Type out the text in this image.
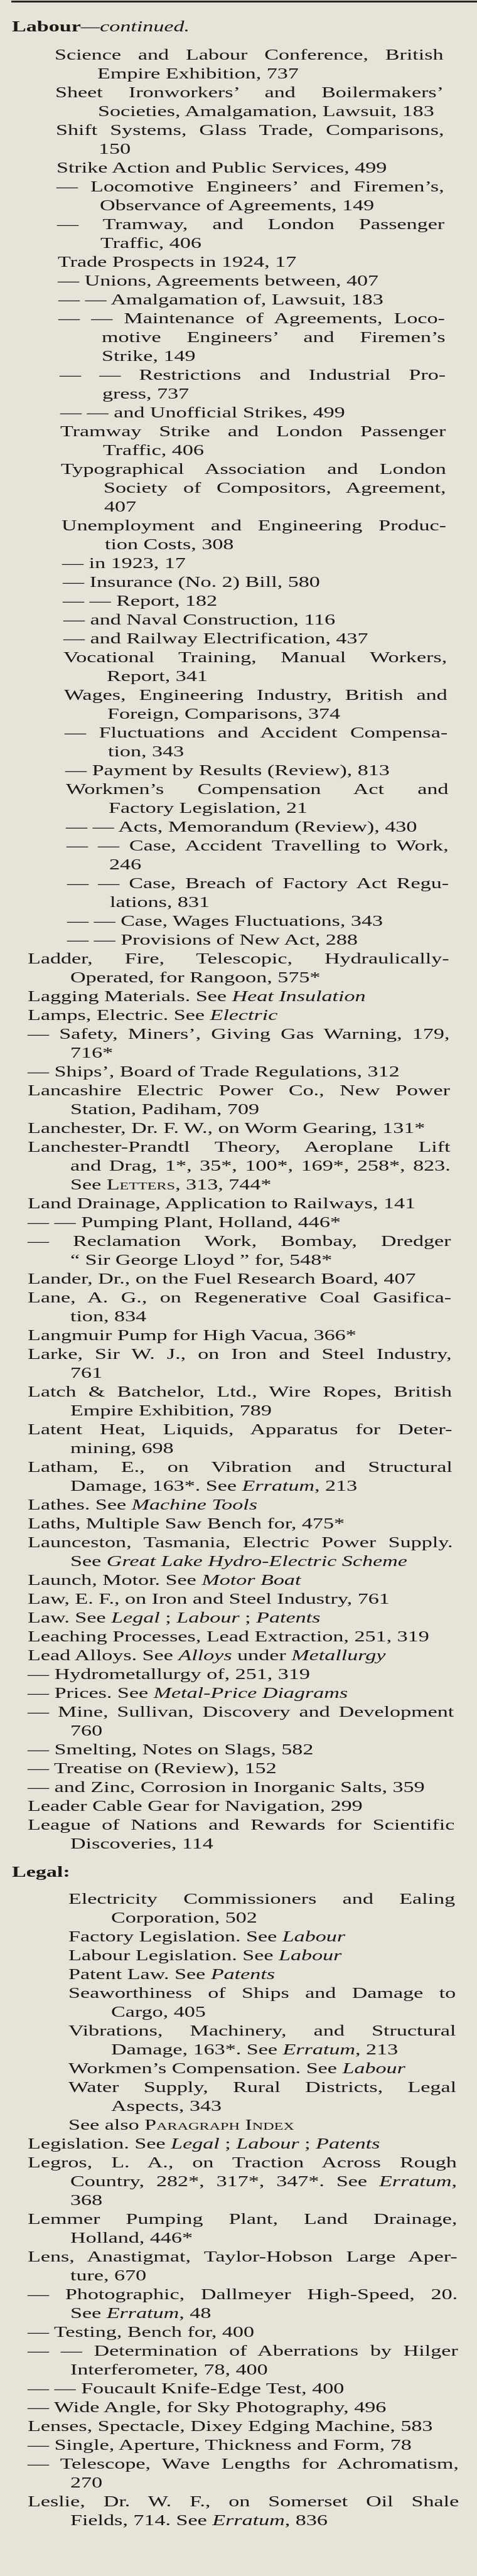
Labour—continued.
Science and Labour Conference, British
Empire Exhibition, 737
Sheet Ironworkers’ and Boilermakers’
Societies, Amalgamation, Lawsuit, 183
Shift Systems, Glass Trade, Comparisons,
150
Strike Action and Public Services, 499
— Locomotive Engineers’ and Firemen’s,
Observance of Agreements, 149
— Tramway, and London Passenger
Traffic, 406
Trade Prospects in 1924, 17
— Unions, Agreements between, 407
— — Amalgamation of, Lawsuit, 183
— — Maintenance of Agreements, Loco-
motive Engineers’ and Firemen’s
Strike, 149
— — Restrictions and Industrial Pro-
gress, 737
— — and Unofficial Strikes, 499
Tramway Strike and London Passenger
Traffic, 406
Typographical Association and London
Society of Compositors, Agreement,
407
Unemployment and Engineering Produc-
tion Costs, 308
— in 1923, 17
— Insurance (No. 2) Bill, 580
— — Report, 182
— and Naval Construction, 116
— and Railway Electrification, 437
Vocational Training, Manual Workers,
Report, 341
Wages, Engineering Industry, British and
Foreign, Comparisons, 374
— Fluctuations and Accident Compensa-
tion, 343
— Payment by Results (Review), 813
Workmen’s Compensation Act and
Factory Legislation, 21
— — Acts, Memorandum (Review), 430
— — Case, Accident Travelling to Work,
246
— — Case, Breach of Factory Act Regu-
lations, 831
— — Case, Wages Fluctuations, 343
— — Provisions of New Act, 288
Ladder, Fire, Telescopic, Hydraulically-
Operated, for Rangoon, 575*
Lagging Materials. See Heat Insulation
Lamps, Electric. See Electric
— Safety, Miners’, Giving Gas Warning, 179,
716*
— Ships’, Board of Trade Regulations, 312
Lancashire Electric Power Co., New Power
Station, Padiham, 709
Lanchester, Dr. F. W., on Worm Gearing, 131*
Lanchester-Prandtl Theory, Aeroplane Lift
and Drag, 1*, 35*, 100*, 169*, 258*, 823.
See Letters, 313, 744*
Land Drainage, Application to Railways, 141
— — Pumping Plant, Holland, 446*
— Reclamation Work, Bombay, Dredger
“ Sir George Lloyd ” for, 548*
Lander, Dr., on the Fuel Research Board, 407
Lane, A. G., on Regenerative Coal Gasifica-
tion, 834
Langmuir Pump for High Vacua, 366*
Larke, Sir W. J., on Iron and Steel Industry,
761
Latch & Batchelor, Ltd., Wire Ropes, British
Empire Exhibition, 789
Latent Heat, Liquids, Apparatus for Deter-
mining, 698
Latham, E., on Vibration and Structural
Damage, 163*. See Erratum, 213
Lathes. See Machine Tools
Laths, Multiple Saw Bench for, 475*
Launceston, Tasmania, Electric Power Supply.
See Great Lake Hydro-Electric Scheme
Launch, Motor. See Motor Boat
Law, E. F., on Iron and Steel Industry, 761
Law. See Legal ; Labour ; Patents
Leaching Processes, Lead Extraction, 251, 319
Lead Alloys. See Alloys under Metallurgy
— Hydrometallurgy of, 251, 319
— Prices. See Metal-Price Diagrams
— Mine, Sullivan, Discovery and Development
760
— Smelting, Notes on Slags, 582
— Treatise on (Review), 152
— and Zinc, Corrosion in Inorganic Salts, 359
Leader Cable Gear for Navigation, 299
League of Nations and Rewards for Scientific
Discoveries, 114
Legal:
Electricity Commissioners and Ealing
Corporation, 502
Factory Legislation. See Labour
Labour Legislation. See Labour
Patent Law. See Patents
Seaworthiness of Ships and Damage to
Cargo, 405
Vibrations, Machinery, and Structural
Damage, 163*. See Erratum, 213
Workmen’s Compensation. See Labour
Water Supply, Rural Districts, Legal
Aspects, 343
See also Paragraph Index
Legislation. See Legal ; Labour ; Patents
Legros, L. A., on Traction Across Rough
Country, 282*, 317*, 347*. See Erratum,
368
Lemmer Pumping Plant, Land Drainage,
Holland, 446*
Lens, Anastigmat, Taylor-Hobson Large Aper-
ture, 670
— Photographic, Dallmeyer High-Speed, 20.
See Erratum, 48
— Testing, Bench for, 400
— — Determination of Aberrations by Hilger
Interferometer, 78, 400
— — Foucault Knife-Edge Test, 400
— Wide Angle, for Sky Photography, 496
Lenses, Spectacle, Dixey Edging Machine, 583
— Single, Aperture, Thickness and Form, 78
— Telescope, Wave Lengths for Achromatism,
270
Leslie, Dr. W. F., on Somerset Oil Shale
Fields, 714. See Erratum, 836
